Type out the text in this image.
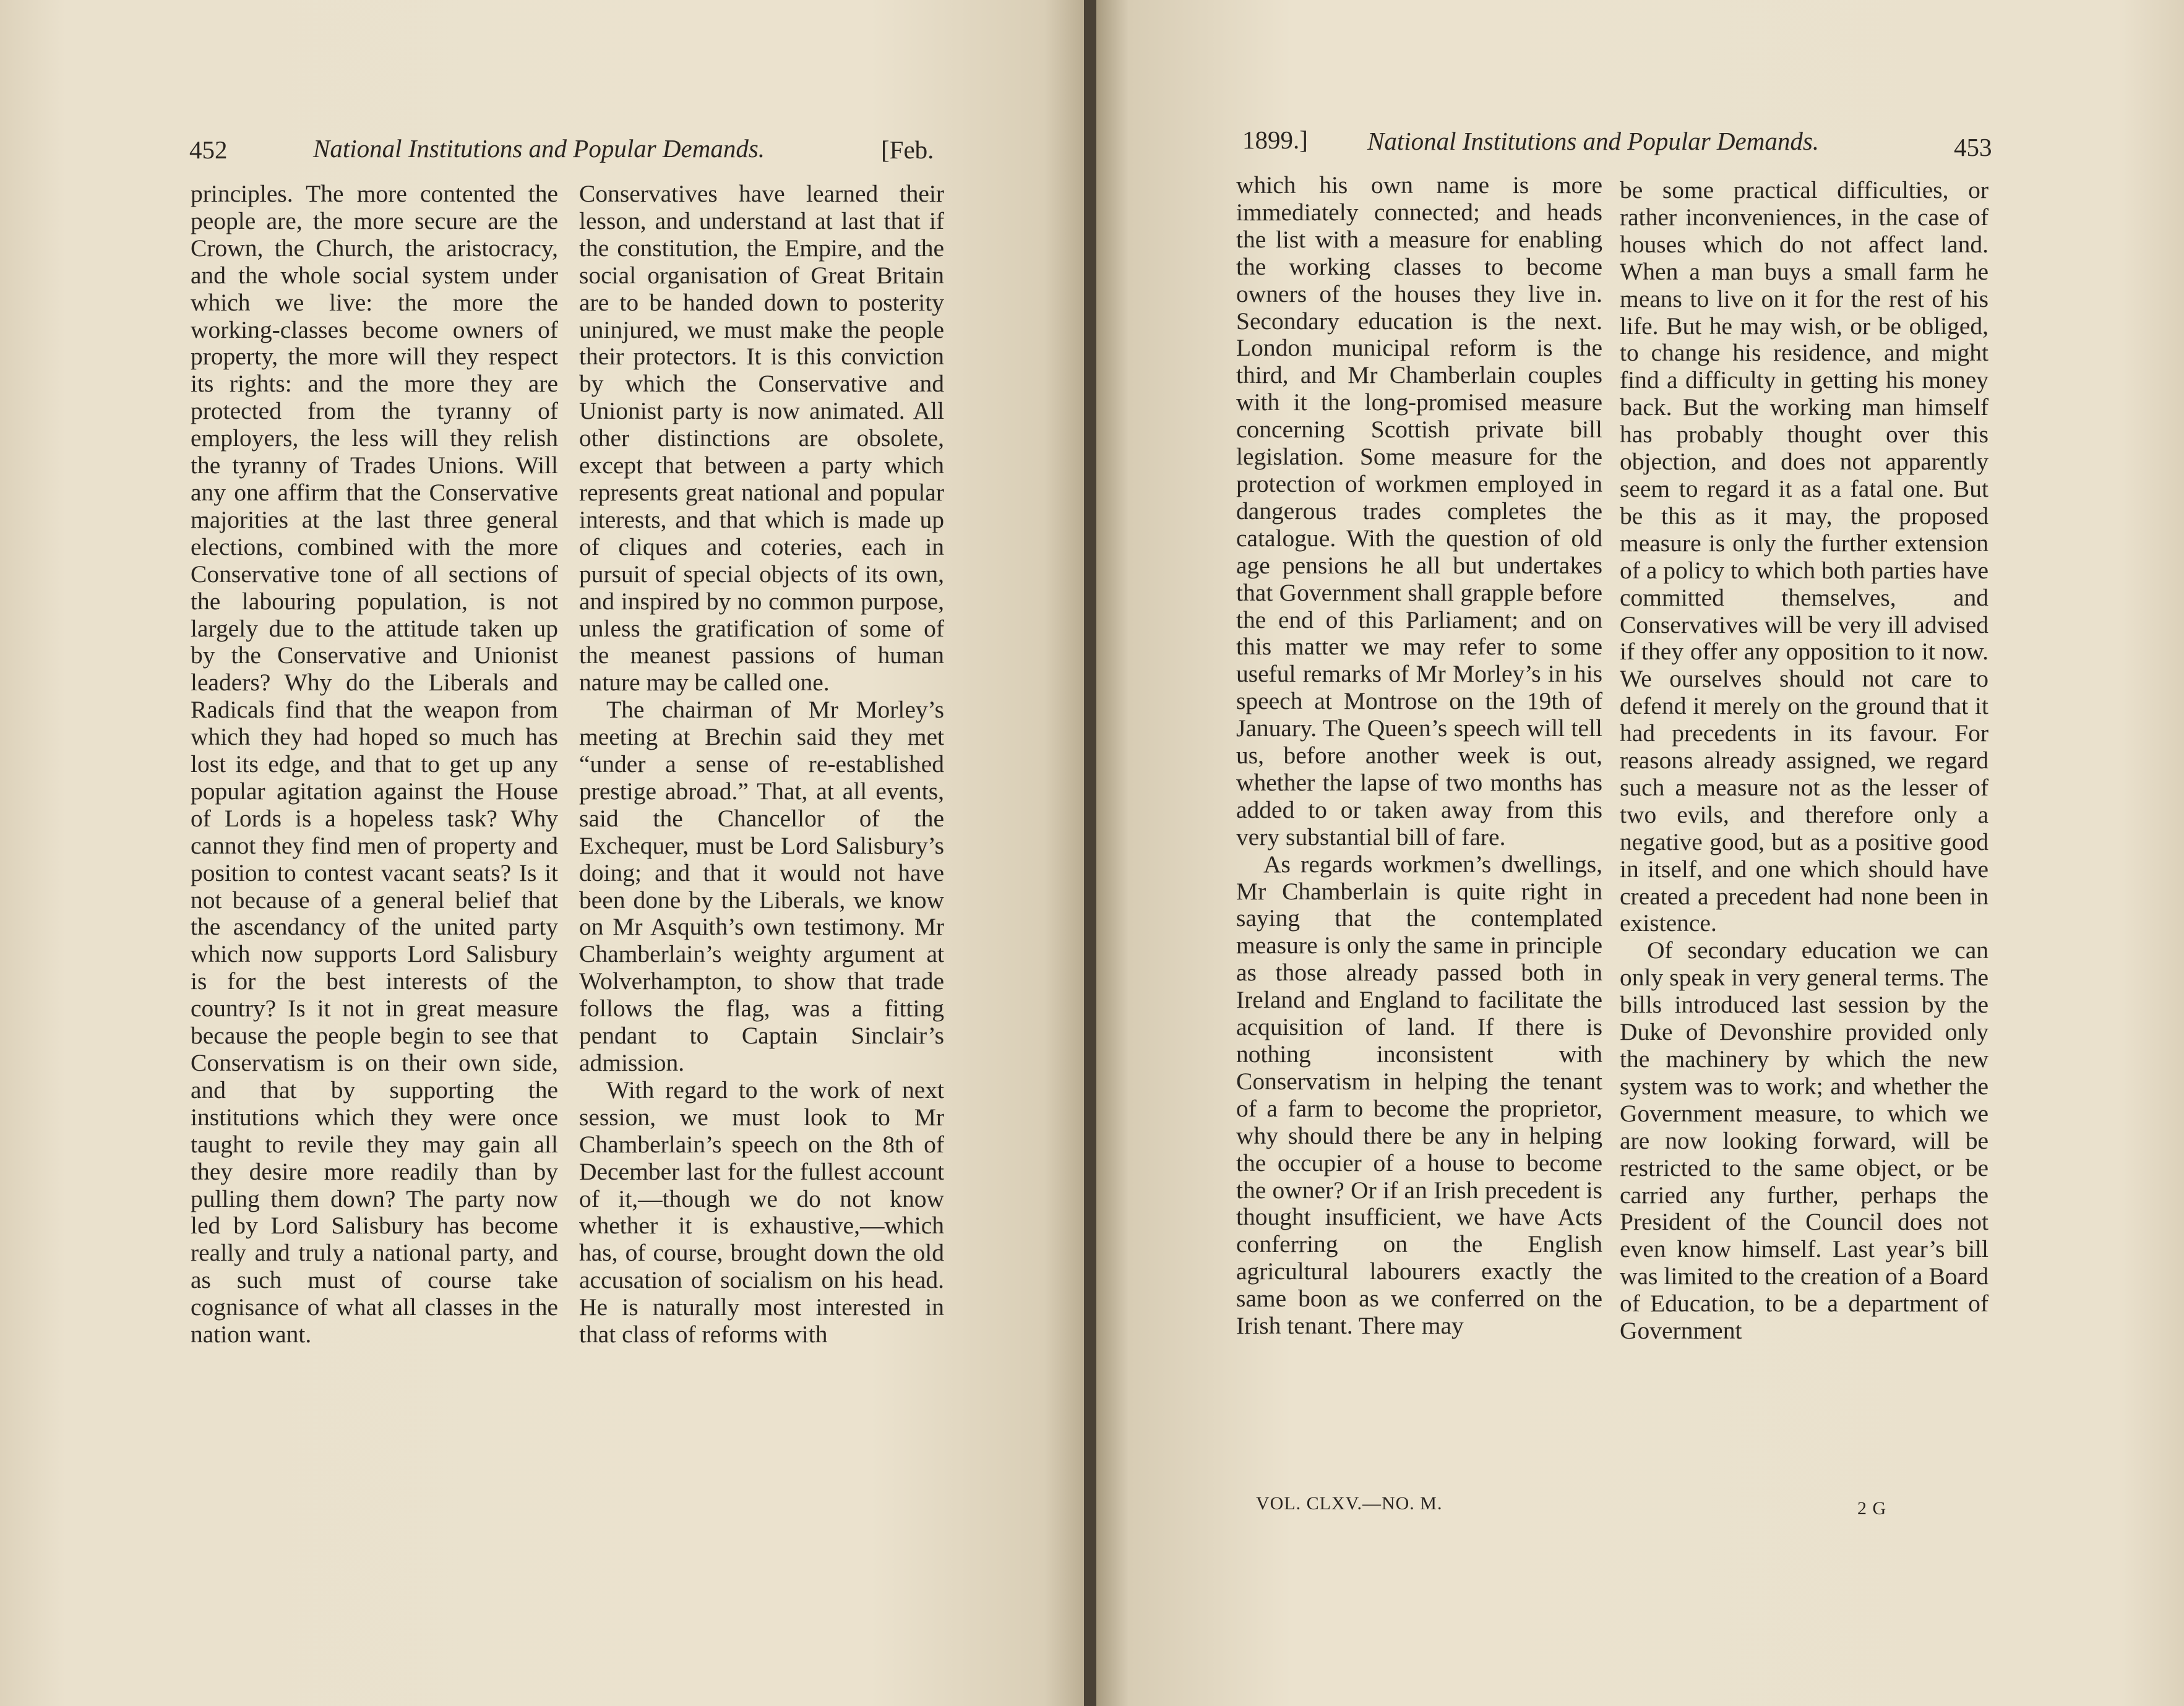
452	National Institutions and Popular Demands.	[Feb.

principles. The more contented the people are, the more secure are the Crown, the Church, the aristocracy, and the whole social system under which we live: the more the working-classes become owners of property, the more will they respect its rights: and the more they are protected from the tyranny of employers, the less will they relish the tyranny of Trades Unions. Will any one affirm that the Conservative majorities at the last three general elections, combined with the more Conservative tone of all sections of the labouring population, is not largely due to the attitude taken up by the Conservative and Unionist leaders? Why do the Liberals and Radicals find that the weapon from which they had hoped so much has lost its edge, and that to get up any popular agitation against the House of Lords is a hopeless task? Why cannot they find men of property and position to contest vacant seats? Is it not because of a general belief that the ascendancy of the united party which now supports Lord Salisbury is for the best interests of the country? Is it not in great measure because the people begin to see that Conservatism is on their own side, and that by supporting the institutions which they were once taught to revile they may gain all they desire more readily than by pulling them down? The party now led by Lord Salisbury has become really and truly a national party, and as such must of course take cognisance of what all classes in the nation want.

Conservatives have learned their lesson, and understand at last that if the constitution, the Empire, and the social organisation of Great Britain are to be handed down to posterity uninjured, we must make the people their protectors. It is this conviction by which the Conservative and Unionist party is now animated. All other distinctions are obsolete, except that between a party which represents great national and popular interests, and that which is made up of cliques and coteries, each in pursuit of special objects of its own, and inspired by no common purpose, unless the gratification of some of the meanest passions of human nature may be called one.

The chairman of Mr Morley’s meeting at Brechin said they met “under a sense of re-established prestige abroad.” That, at all events, said the Chancellor of the Exchequer, must be Lord Salisbury’s doing; and that it would not have been done by the Liberals, we know on Mr Asquith’s own testimony. Mr Chamberlain’s weighty argument at Wolverhampton, to show that trade follows the flag, was a fitting pendant to Captain Sinclair’s admission.

With regard to the work of next session, we must look to Mr Chamberlain’s speech on the 8th of December last for the fullest account of it,—though we do not know whether it is exhaustive,—which has, of course, brought down the old accusation of socialism on his head. He is naturally most interested in that class of reforms with

1899.] National Institutions and Popular Demands.	453

which his own name is more immediately connected; and heads the list with a measure for enabling the working classes to become owners of the houses they live in. Secondary education is the next. London municipal reform is the third, and Mr Chamberlain couples with it the long-promised measure concerning Scottish private bill legislation. Some measure for the protection of workmen employed in dangerous trades completes the catalogue. With the question of old age pensions he all but undertakes that Government shall grapple before the end of this Parliament; and on this matter we may refer to some useful remarks of Mr Morley’s in his speech at Montrose on the 19th of January. The Queen’s speech will tell us, before another week is out, whether the lapse of two months has added to or taken away from this very substantial bill of fare.

As regards workmen’s dwellings, Mr Chamberlain is quite right in saying that the contemplated measure is only the same in principle as those already passed both in Ireland and England to facilitate the acquisition of land. If there is nothing inconsistent with Conservatism in helping the tenant of a farm to become the proprietor, why should there be any in helping the occupier of a house to become the owner? Or if an Irish precedent is thought insufficient, we have Acts conferring on the English agricultural labourers exactly the same boon as we conferred on the Irish tenant. There may

be some practical difficulties, or rather inconveniences, in the case of houses which do not affect land. When a man buys a small farm he means to live on it for the rest of his life. But he may wish, or be obliged, to change his residence, and might find a difficulty in getting his money back. But the working man himself has probably thought over this objection, and does not apparently seem to regard it as a fatal one. But be this as it may, the proposed measure is only the further extension of a policy to which both parties have committed themselves, and Conservatives will be very ill advised if they offer any opposition to it now. We ourselves should not care to defend it merely on the ground that it had precedents in its favour. For reasons already assigned, we regard such a measure not as the lesser of two evils, and therefore only a negative good, but as a positive good in itself, and one which should have created a precedent had none been in existence.

Of secondary education we can only speak in very general terms. The bills introduced last session by the Duke of Devonshire provided only the machinery by which the new system was to work; and whether the Government measure, to which we are now looking forward, will be restricted to the same object, or be carried any further, perhaps the President of the Council does not even know himself. Last year’s bill was limited to the creation of a Board of Education, to be a department of Government

VOL. CLXV.—NO. M.	2 G
